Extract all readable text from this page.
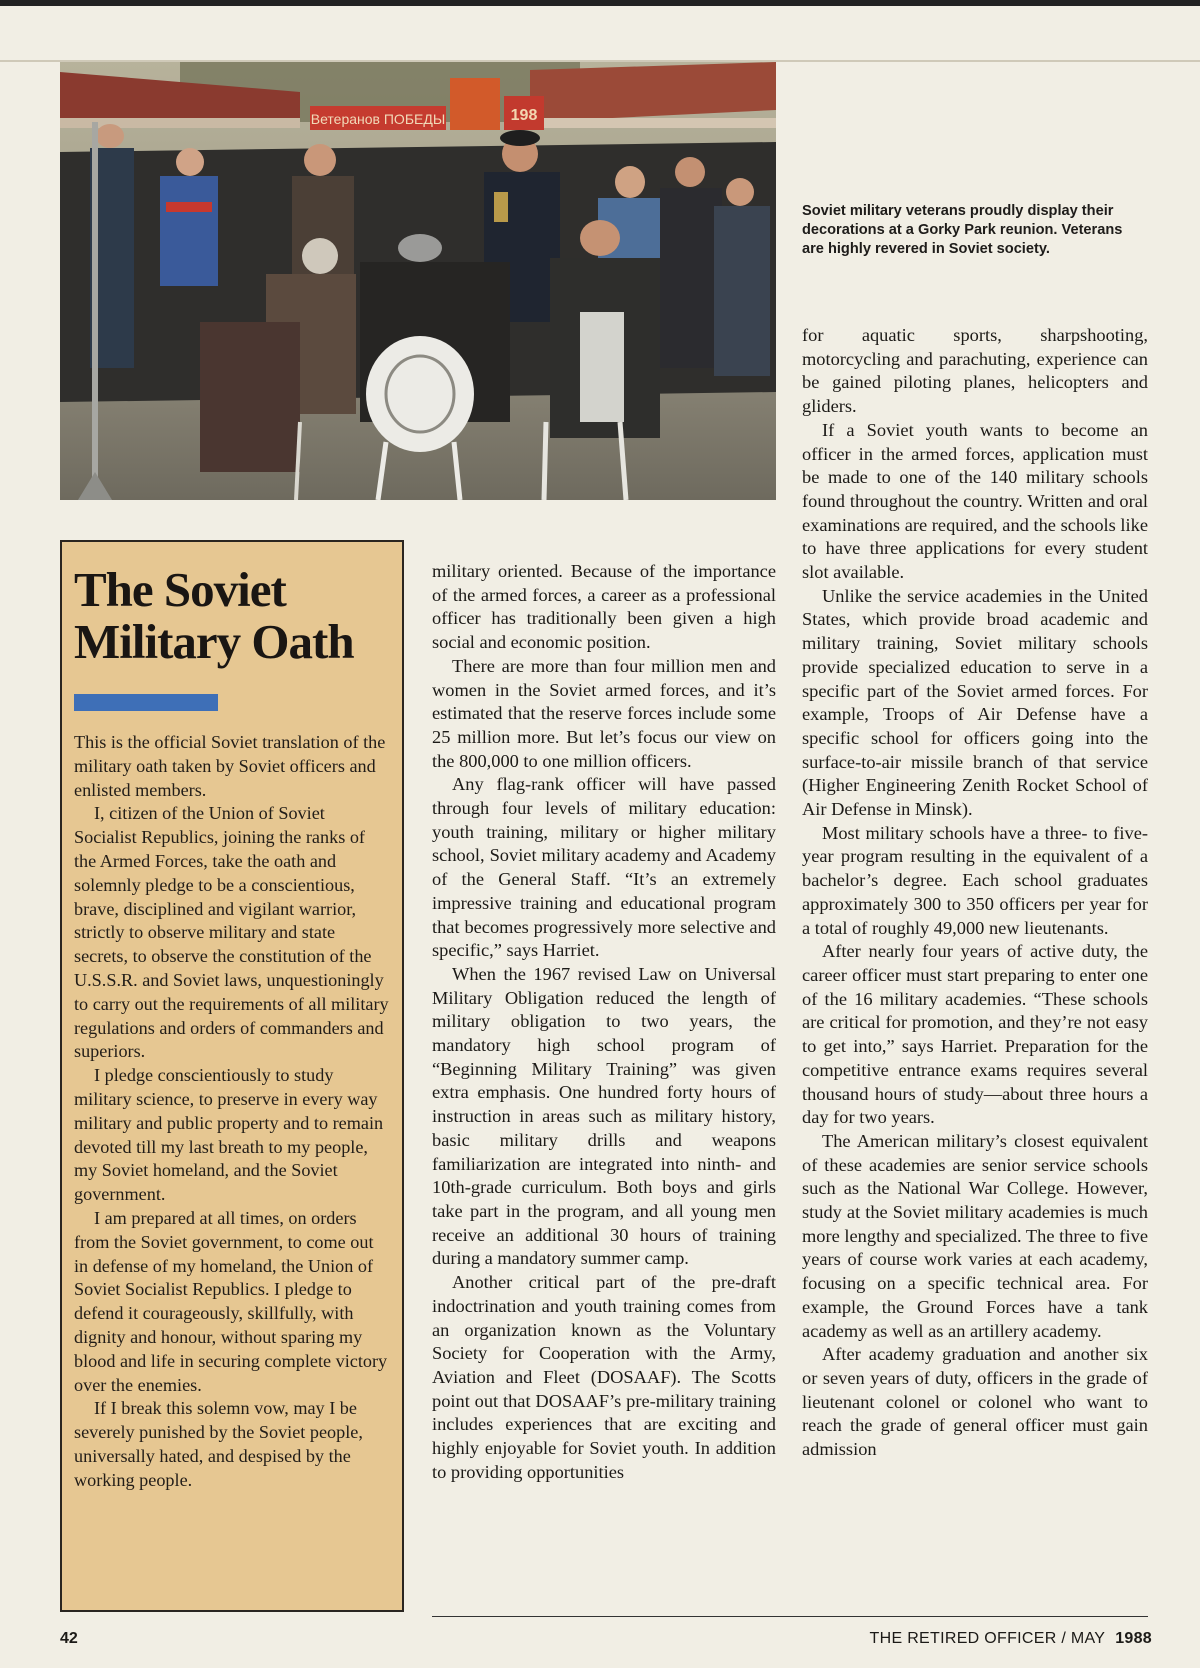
Ветеранов ПОБЕДЫ	198
Soviet military veterans proudly display their decorations at a Gorky Park reunion. Veterans are highly revered in Soviet society.
The Soviet
Military Oath

This is the official Soviet translation of the military oath taken by Soviet officers and enlisted members.

I, citizen of the Union of Soviet Socialist Republics, joining the ranks of the Armed Forces, take the oath and solemnly pledge to be a conscientious, brave, disciplined and vigilant warrior, strictly to observe military and state secrets, to observe the constitution of the U.S.S.R. and Soviet laws, unquestioningly to carry out the requirements of all military regulations and orders of commanders and superiors.

I pledge conscientiously to study military science, to preserve in every way military and public property and to remain devoted till my last breath to my people, my Soviet homeland, and the Soviet government.

I am prepared at all times, on orders from the Soviet government, to come out in defense of my homeland, the Union of Soviet Socialist Republics. I pledge to defend it courageously, skillfully, with dignity and honour, without sparing my blood and life in securing complete victory over the enemies.

If I break this solemn vow, may I be severely punished by the Soviet people, universally hated, and despised by the working people.

military oriented. Because of the importance of the armed forces, a career as a professional officer has traditionally been given a high social and economic position.

There are more than four million men and women in the Soviet armed forces, and it’s estimated that the reserve forces include some 25 million more. But let’s focus our view on the 800,000 to one million officers.

Any flag-rank officer will have passed through four levels of military education: youth training, military or higher military school, Soviet military academy and Academy of the General Staff. “It’s an extremely impressive training and educational program that becomes progressively more selective and specific,” says Harriet.

When the 1967 revised Law on Universal Military Obligation reduced the length of military obligation to two years, the mandatory high school program of “Beginning Military Training” was given extra emphasis. One hundred forty hours of instruction in areas such as military history, basic military drills and weapons familiarization are integrated into ninth- and 10th-grade curriculum. Both boys and girls take part in the program, and all young men receive an additional 30 hours of training during a mandatory summer camp.

Another critical part of the pre-draft indoctrination and youth training comes from an organization known as the Voluntary Society for Cooperation with the Army, Aviation and Fleet (DOSAAF). The Scotts point out that DOSAAF’s pre-military training includes experiences that are exciting and highly enjoyable for Soviet youth. In addition to providing opportunities

for aquatic sports, sharpshooting, motorcycling and parachuting, experience can be gained piloting planes, helicopters and gliders.

If a Soviet youth wants to become an officer in the armed forces, application must be made to one of the 140 military schools found throughout the country. Written and oral examinations are required, and the schools like to have three applications for every student slot available.

Unlike the service academies in the United States, which provide broad academic and military training, Soviet military schools provide specialized education to serve in a specific part of the Soviet armed forces. For example, Troops of Air Defense have a specific school for officers going into the surface-to-air missile branch of that service (Higher Engineering Zenith Rocket School of Air Defense in Minsk).

Most military schools have a three- to five-year program resulting in the equivalent of a bachelor’s degree. Each school graduates approximately 300 to 350 officers per year for a total of roughly 49,000 new lieutenants.

After nearly four years of active duty, the career officer must start preparing to enter one of the 16 military academies. “These schools are critical for promotion, and they’re not easy to get into,” says Harriet. Preparation for the competitive entrance exams requires several thousand hours of study—about three hours a day for two years.

The American military’s closest equivalent of these academies are senior service schools such as the National War College. However, study at the Soviet military academies is much more lengthy and specialized. The three to five years of course work varies at each academy, focusing on a specific technical area. For example, the Ground Forces have a tank academy as well as an artillery academy.

After academy graduation and another six or seven years of duty, officers in the grade of lieutenant colonel or colonel who want to reach the grade of general officer must gain admission

42	THE RETIRED OFFICER / MAY 1988
